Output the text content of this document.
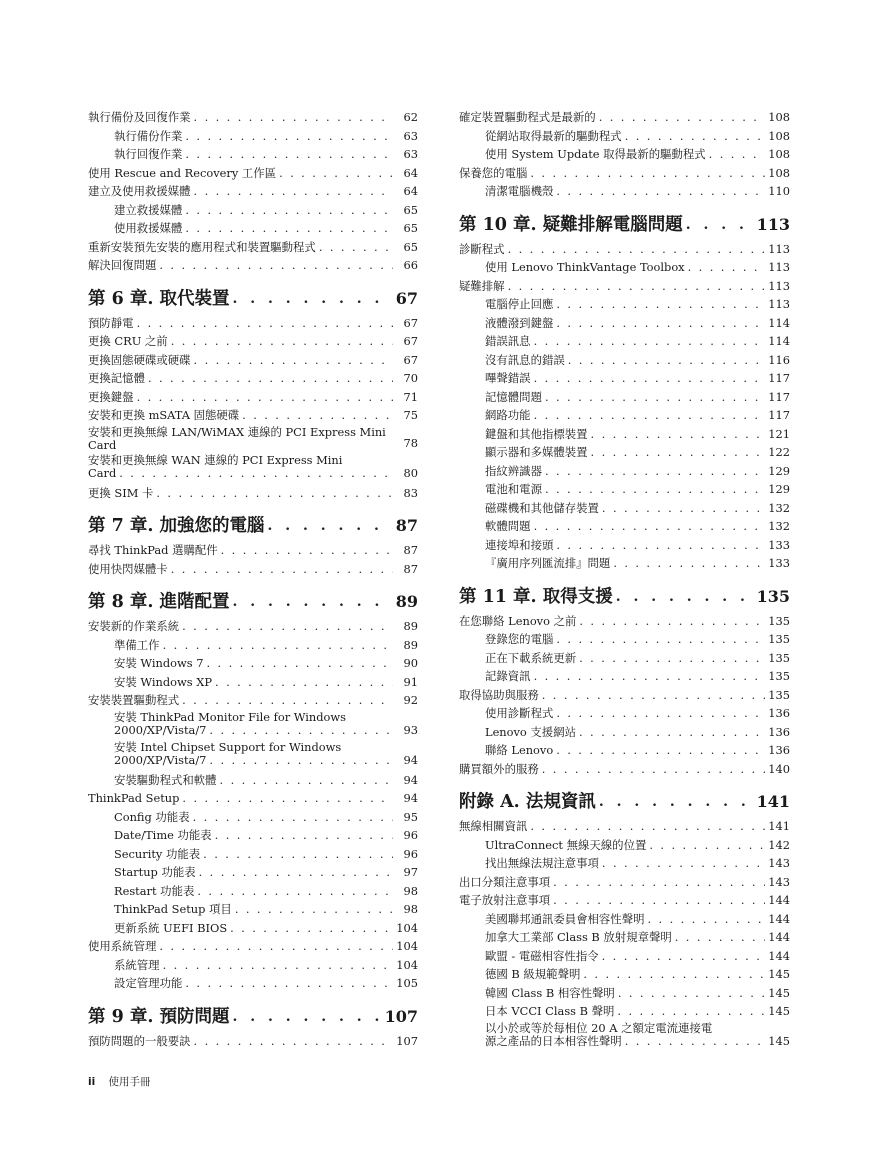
執行備份及回復作業 . . .	62
執行備份作業 . . .	63
執行回復作業 . . .	63
使用 Rescue and Recovery 工作區 . . .	64
建立及使用救援媒體 . . .	64
建立救援媒體 . . .	65
使用救援媒體 . . .	65
重新安裝預先安裝的應用程式和裝置驅動程式 . . .	65
解決回復問題 . . .	66
第 6 章. 取代裝置 . . .	67
預防靜電 . . .	67
更換 CRU 之前 . . .	67
更換固態硬碟或硬碟 . . .	67
更換記憶體 . . .	70
更換鍵盤 . . .	71
安裝和更換 mSATA 固態硬碟 . . .	75
安裝和更換無線 LAN/WiMAX 連線的 PCI Express Mini Card	78
安裝和更換無線 WAN 連線的 PCI Express Mini
Card . . .	80
更換 SIM 卡 . . .	83
第 7 章. 加強您的電腦 . . .	87
尋找 ThinkPad 選購配件 . . .	87
使用快閃媒體卡 . . .	87
第 8 章. 進階配置 . . .	89
安裝新的作業系統 . . .	89
準備工作 . . .	89
安裝 Windows 7 . . .	90
安裝 Windows XP . . .	91
安裝裝置驅動程式 . . .	92
安裝 ThinkPad Monitor File for Windows
2000/XP/Vista/7 . . .	93
安裝 Intel Chipset Support for Windows
2000/XP/Vista/7 . . .	94
安裝驅動程式和軟體 . . .	94
ThinkPad Setup . . .	94
Config 功能表 . . .	95
Date/Time 功能表 . . .	96
Security 功能表 . . .	96
Startup 功能表 . . .	97
Restart 功能表 . . .	98
ThinkPad Setup 項目 . . .	98
更新系統 UEFI BIOS . . .	104
使用系統管理 . . .	104
系統管理 . . .	104
設定管理功能 . . .	105
第 9 章. 預防問題 . . .	107
預防問題的一般要訣 . . .	107
確定裝置驅動程式是最新的 . . .	108
從網站取得最新的驅動程式 . . .	108
使用 System Update 取得最新的驅動程式 . . .	108
保養您的電腦 . . .	108
清潔電腦機殼 . . .	110
第 10 章. 疑難排解電腦問題 . . .	113
診斷程式 . . .	113
使用 Lenovo ThinkVantage Toolbox . . .	113
疑難排解 . . .	113
電腦停止回應 . . .	113
液體潑到鍵盤 . . .	114
錯誤訊息 . . .	114
沒有訊息的錯誤 . . .	116
嗶聲錯誤 . . .	117
記憶體問題 . . .	117
網路功能 . . .	117
鍵盤和其他指標裝置 . . .	121
顯示器和多媒體裝置 . . .	122
指紋辨識器 . . .	129
電池和電源 . . .	129
磁碟機和其他儲存裝置 . . .	132
軟體問題 . . .	132
連接埠和接頭 . . .	133
『廣用序列匯流排』問題 . . .	133
第 11 章. 取得支援 . . .	135
在您聯絡 Lenovo 之前 . . .	135
登錄您的電腦 . . .	135
正在下載系統更新 . . .	135
記錄資訊 . . .	135
取得協助與服務 . . .	135
使用診斷程式 . . .	136
Lenovo 支援網站 . . .	136
聯絡 Lenovo . . .	136
購買額外的服務 . . .	140
附錄 A. 法規資訊 . . .	141
無線相關資訊 . . .	141
UltraConnect 無線天線的位置 . . .	142
找出無線法規注意事項 . . .	143
出口分類注意事項 . . .	143
電子放射注意事項 . . .	144
美國聯邦通訊委員會相容性聲明 . . .	144
加拿大工業部 Class B 放射規章聲明 . . .	144
歐盟 - 電磁相容性指令 . . .	144
德國 B 級規範聲明 . . .	145
韓國 Class B 相容性聲明 . . .	145
日本 VCCI Class B 聲明 . . .	145
以小於或等於每相位 20 A 之額定電流連接電
源之產品的日本相容性聲明 . . .	145
ii 使用手冊
